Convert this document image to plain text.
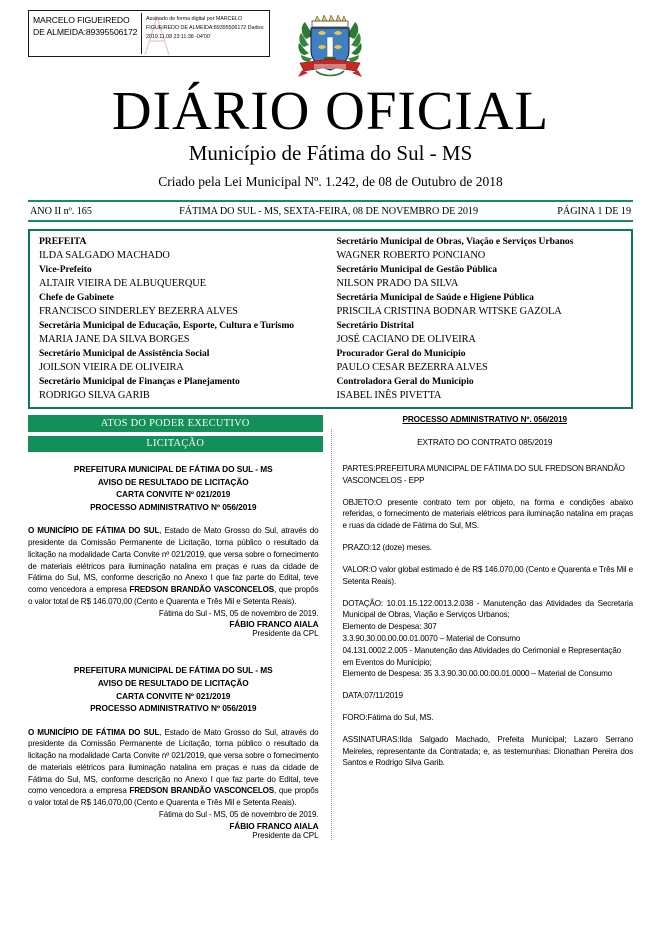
MARCELO FIGUEIREDO DE ALMEIDA:89395506172
Assinado de forma digital por MARCELO FIGUEIREDO DE ALMEIDA:89395506172 Dados: 2019.11.08 23:11:38 -04'00'
DIÁRIO OFICIAL
Município de Fátima do Sul - MS
Criado pela Lei Municipal Nº. 1.242, de 08 de Outubro de 2018
ANO II nº. 165	FÁTIMA DO SUL - MS, SEXTA-FEIRA, 08 DE NOVEMBRO DE 2019	PÁGINA 1 DE 19
PREFEITA
ILDA SALGADO MACHADO
Vice-Prefeito
ALTAIR VIEIRA DE ALBUQUERQUE
Chefe de Gabinete
FRANCISCO SINDERLEY BEZERRA ALVES
Secretária Municipal de Educação, Esporte, Cultura e Turismo
MARIA JANE DA SILVA BORGES
Secretário Municipal de Assistência Social
JOILSON VIEIRA DE OLIVEIRA
Secretário Municipal de Finanças e Planejamento
RODRIGO SILVA GARIB
Secretário Municipal de Obras, Viação e Serviços Urbanos
WAGNER ROBERTO PONCIANO
Secretário Municipal de Gestão Pública
NILSON PRADO DA SILVA
Secretária Municipal de Saúde e Higiene Pública
PRISCILA CRISTINA BODNAR WITSKE GAZOLA
Secretário Distrital
JOSÉ CACIANO DE OLIVEIRA
Procurador Geral do Município
PAULO CESAR BEZERRA ALVES
Controladora Geral do Município
ISABEL INÊS PIVETTA
ATOS DO PODER EXECUTIVO
LICITAÇÃO
PROCESSO ADMINISTRATIVO Nº. 056/2019
EXTRATO DO CONTRATO 085/2019
PREFEITURA MUNICIPAL DE FÁTIMA DO SUL - MS
AVISO DE RESULTADO DE LICITAÇÃO
CARTA CONVITE Nº 021/2019
PROCESSO ADMINISTRATIVO Nº 056/2019
O MUNICÍPIO DE FÁTIMA DO SUL, Estado de Mato Grosso do Sul, através do presidente da Comissão Permanente de Licitação, torna público o resultado da licitação na modalidade Carta Convite nº 021/2019, que versa sobre o fornecimento de materiais elétricos para iluminação natalina em praças e ruas da cidade de Fátima do Sul, MS, conforme descrição no Anexo I que faz parte do Edital, teve como vencedora a empresa FREDSON BRANDÃO VASCONCELOS, que propôs o valor total de R$ 146.070,00 (Cento e Quarenta e Três Mil e Setenta Reais).
Fátima do Sul - MS, 05 de novembro de 2019.
FÁBIO FRANCO AIALA
Presidente da CPL
PREFEITURA MUNICIPAL DE FÁTIMA DO SUL - MS
AVISO DE RESULTADO DE LICITAÇÃO
CARTA CONVITE Nº 021/2019
PROCESSO ADMINISTRATIVO Nº 056/2019
O MUNICÍPIO DE FÁTIMA DO SUL, Estado de Mato Grosso do Sul, através do presidente da Comissão Permanente de Licitação, torna público o resultado da licitação na modalidade Carta Convite nº 021/2019, que versa sobre o fornecimento de materiais elétricos para iluminação natalina em praças e ruas da cidade de Fátima do Sul, MS, conforme descrição no Anexo I que faz parte do Edital, teve como vencedora a empresa FREDSON BRANDÃO VASCONCELOS, que propôs o valor total de R$ 146.070,00 (Cento e Quarenta e Três Mil e Setenta Reais).
Fátima do Sul - MS, 05 de novembro de 2019.
FÁBIO FRANCO AIALA
Presidente da CPL
PARTES:PREFEITURA MUNICIPAL DE FÁTIMA DO SUL FREDSON BRANDÃO VASCONCELOS - EPP
OBJETO:O presente contrato tem por objeto, na forma e condições abaixo referidas, o fornecimento de materiais elétricos para iluminação natalina em praças e ruas da cidade de Fátima do Sul, MS.
PRAZO:12 (doze) meses.
VALOR:O valor global estimado é de R$ 146.070,00 (Cento e Quarenta e Três Mil e Setenta Reais).
DOTAÇÃO: 10.01.15.122.0013.2.038 - Manutenção das Atividades da Secretaria Municipal de Obras, Viação e Serviços Urbanos;
Elemento de Despesa: 307
3.3.90.30.00.00.00.01.0070 – Material de Consumo
04.131.0002.2.005 - Manutenção das Atividades do Cerimonial e Representação em Eventos do Municipio;
Elemento de Despesa: 35 3.3.90.30.00.00.00.01.0000 – Material de Consumo
DATA:07/11/2019
FORO:Fátima do Sul, MS.
ASSINATURAS:Ilda Salgado Machado, Prefeita Municipal; Lazaro Serrano Meireles, representante da Contratada; e, as testemunhas: Dionathan Pereira dos Santos e Rodrigo Silva Garib.
